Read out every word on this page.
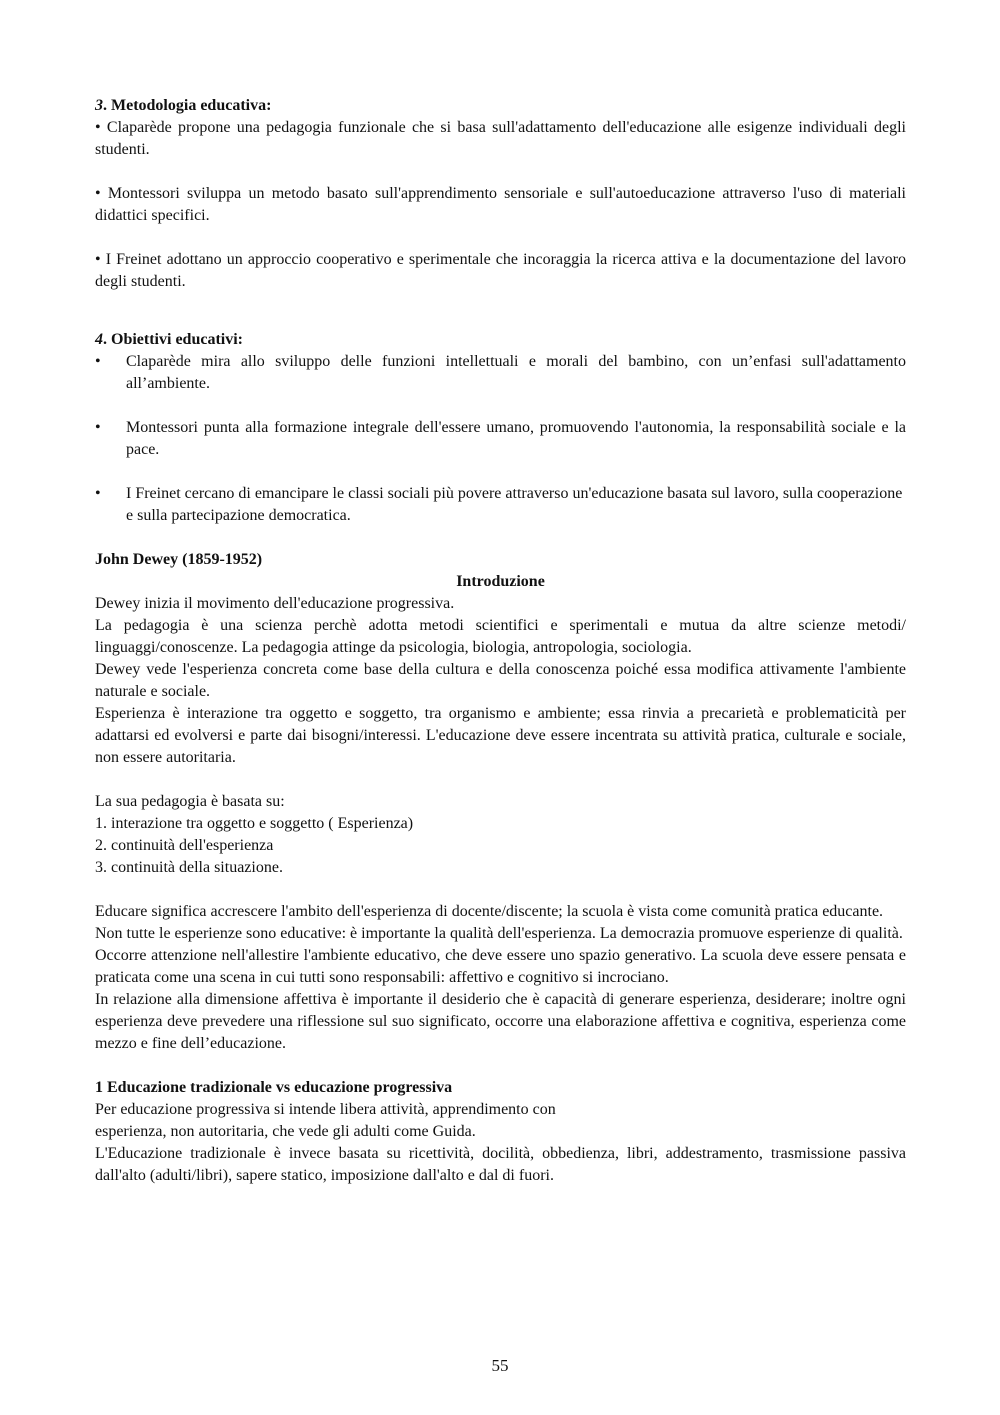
3. Metodologia educativa:

• Claparède propone una pedagogia funzionale che si basa sull'adattamento dell'educazione alle esigenze individuali degli studenti.

• Montessori sviluppa un metodo basato sull'apprendimento sensoriale e sull'autoeducazione attraverso l'uso di materiali didattici specifici.

• I Freinet adottano un approccio cooperativo e sperimentale che incoraggia la ricerca attiva e la documentazione del lavoro degli studenti.

4. Obiettivi educativi:

•	Claparède mira allo sviluppo delle funzioni intellettuali e morali del bambino, con un’enfasi sull'adattamento all’ambiente.
•	Montessori punta alla formazione integrale dell'essere umano, promuovendo l'autonomia, la responsabilità sociale e la pace.
•	I Freinet cercano di emancipare le classi sociali più povere attraverso un'educazione basata sul lavoro, sulla cooperazione e sulla partecipazione democratica.

John Dewey (1859-1952)

Introduzione

Dewey inizia il movimento dell'educazione progressiva.

La pedagogia è una scienza perchè adotta metodi scientifici e sperimentali e mutua da altre scienze metodi/ linguaggi/conoscenze. La pedagogia attinge da psicologia, biologia, antropologia, sociologia.

Dewey vede l'esperienza concreta come base della cultura e della conoscenza poiché essa modifica attivamente l'ambiente naturale e sociale.

Esperienza è interazione tra oggetto e soggetto, tra organismo e ambiente; essa rinvia a precarietà e problematicità per adattarsi ed evolversi e parte dai bisogni/interessi. L'educazione deve essere incentrata su attività pratica, culturale e sociale, non essere autoritaria.

La sua pedagogia è basata su:

1. interazione tra oggetto e soggetto ( Esperienza)

2. continuità dell'esperienza

3. continuità della situazione.

Educare significa accrescere l'ambito dell'esperienza di docente/discente; la scuola è vista come comunità pratica educante.

Non tutte le esperienze sono educative: è importante la qualità dell'esperienza. La democrazia promuove esperienze di qualità.

Occorre attenzione nell'allestire l'ambiente educativo, che deve essere uno spazio generativo. La scuola deve essere pensata e praticata come una scena in cui tutti sono responsabili: affettivo e cognitivo si incrociano.

In relazione alla dimensione affettiva è importante il desiderio che è capacità di generare esperienza, desiderare; inoltre ogni esperienza deve prevedere una riflessione sul suo significato, occorre una elaborazione affettiva e cognitiva, esperienza come mezzo e fine dell’educazione.

1 Educazione tradizionale vs educazione progressiva

Per educazione progressiva si intende libera attività, apprendimento con

esperienza, non autoritaria, che vede gli adulti come Guida.

L'Educazione tradizionale è invece basata su ricettività, docilità, obbedienza, libri, addestramento, trasmissione passiva dall'alto (adulti/libri), sapere statico, imposizione dall'alto e dal di fuori.

55
